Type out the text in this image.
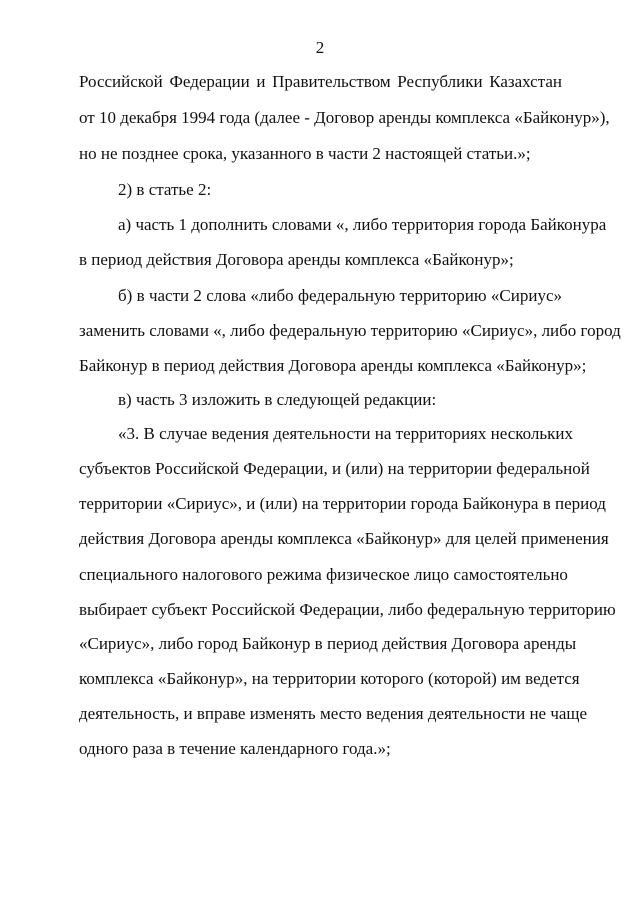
2
Российской Федерации и Правительством Республики Казахстан
от 10 декабря 1994 года (далее - Договор аренды комплекса «Байконур»),
но не позднее срока, указанного в части 2 настоящей статьи.»;
2) в статье 2:
а) часть 1 дополнить словами «, либо территория города Байконура
в период действия Договора аренды комплекса «Байконур»;
б) в части 2 слова «либо федеральную территорию «Сириус»
заменить словами «, либо федеральную территорию «Сириус», либо город
Байконур в период действия Договора аренды комплекса «Байконур»;
в) часть 3 изложить в следующей редакции:
«3. В случае ведения деятельности на территориях нескольких
субъектов Российской Федерации, и (или) на территории федеральной
территории «Сириус», и (или) на территории города Байконура в период
действия Договора аренды комплекса «Байконур» для целей применения
специального налогового режима физическое лицо самостоятельно
выбирает субъект Российской Федерации, либо федеральную территорию
«Сириус», либо город Байконур в период действия Договора аренды
комплекса «Байконур», на территории которого (которой) им ведется
деятельность, и вправе изменять место ведения деятельности не чаще
одного раза в течение календарного года.»;
